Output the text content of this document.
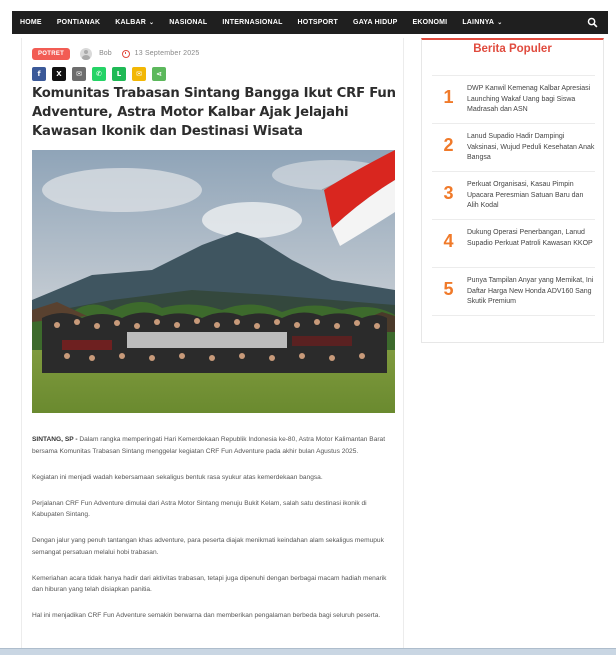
HOME PONTIANAK KALBAR ⌄ NASIONAL INTERNASIONAL HOTSPORT GAYA HIDUP EKONOMI LAINNYA ⌄
POTRET	Bob	13 September 2025
f	X	✉	✆	L	✉	⋖
Komunitas Trabasan Sintang Bangga Ikut CRF Fun Adventure, Astra Motor Kalbar Ajak Jelajahi Kawasan Ikonik dan Destinasi Wisata

SINTANG, SP - Dalam rangka memperingati Hari Kemerdekaan Republik Indonesia ke-80, Astra Motor Kalimantan Barat bersama Komunitas Trabasan Sintang menggelar kegiatan CRF Fun Adventure pada akhir bulan Agustus 2025.

Kegiatan ini menjadi wadah kebersamaan sekaligus bentuk rasa syukur atas kemerdekaan bangsa.

Perjalanan CRF Fun Adventure dimulai dari Astra Motor Sintang menuju Bukit Kelam, salah satu destinasi ikonik di Kabupaten Sintang.

Dengan jalur yang penuh tantangan khas adventure, para peserta diajak menikmati keindahan alam sekaligus memupuk semangat persatuan melalui hobi trabasan.

Kemeriahan acara tidak hanya hadir dari aktivitas trabasan, tetapi juga dipenuhi dengan berbagai macam hadiah menarik dan hiburan yang telah disiapkan panitia.

Hal ini menjadikan CRF Fun Adventure semakin berwarna dan memberikan pengalaman berbeda bagi seluruh peserta.

Berita Populer
1	DWP Kanwil Kemenag Kalbar Apresiasi Launching Wakaf Uang bagi Siswa Madrasah dan ASN
2	Lanud Supadio Hadir Dampingi Vaksinasi, Wujud Peduli Kesehatan Anak Bangsa
3	Perkuat Organisasi, Kasau Pimpin Upacara Peresmian Satuan Baru dan Alih Kodal
4	Dukung Operasi Penerbangan, Lanud Supadio Perkuat Patroli Kawasan KKOP
5	Punya Tampilan Anyar yang Memikat, Ini Daftar Harga New Honda ADV160 Sang Skutik Premium
